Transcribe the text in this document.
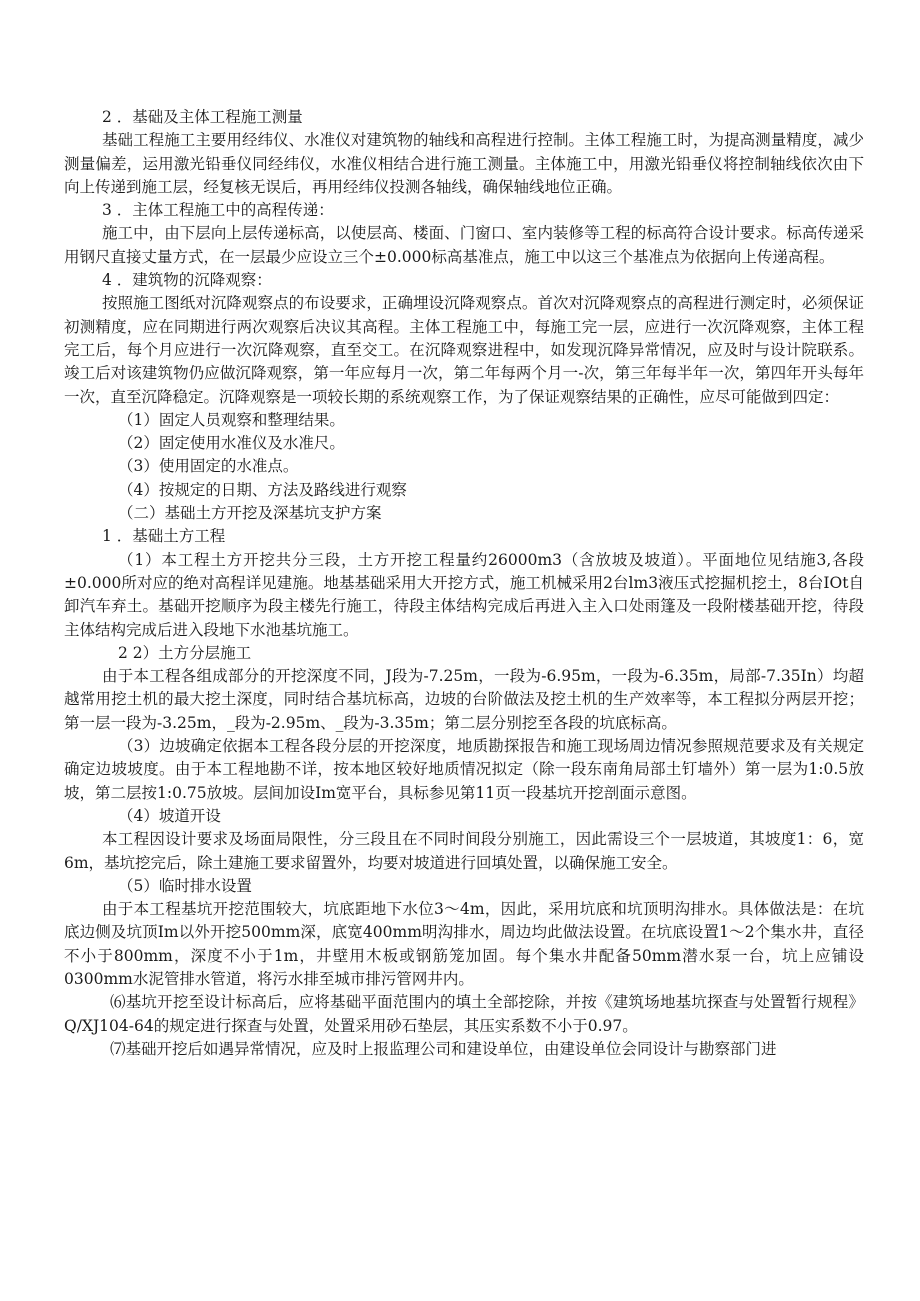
2 ．基础及主体工程施工测量

基础工程施工主要用经纬仪、水准仪对建筑物的轴线和高程进行控制。主体工程施工时，为提高测量精度，减少测量偏差，运用激光铅垂仪同经纬仪，水准仪相结合进行施工测量。主体施工中，用激光铅垂仪将控制轴线依次由下向上传递到施工层，经复核无误后，再用经纬仪投测各轴线，确保轴线地位正确。

3 ．主体工程施工中的高程传递：

施工中，由下层向上层传递标高，以使层高、楼面、门窗口、室内装修等工程的标高符合设计要求。标高传递采用钢尺直接丈量方式，在一层最少应设立三个±0.000标高基准点，施工中以这三个基准点为依据向上传递高程。

4 ．建筑物的沉降观察：

按照施工图纸对沉降观察点的布设要求，正确埋设沉降观察点。首次对沉降观察点的高程进行测定时，必须保证初测精度，应在同期进行两次观察后决议其高程。主体工程施工中，每施工完一层，应进行一次沉降观察，主体工程完工后，每个月应进行一次沉降观察，直至交工。在沉降观察进程中，如发现沉降异常情况，应及时与设计院联系。竣工后对该建筑物仍应做沉降观察，第一年应每月一次，第二年每两个月一-次，第三年每半年一次，第四年开头每年一次，直至沉降稳定。沉降观察是一项较长期的系统观察工作，为了保证观察结果的正确性，应尽可能做到四定：

（1）固定人员观察和整理结果。

（2）固定使用水准仪及水准尺。

（3）使用固定的水准点。

（4）按规定的日期、方法及路线进行观察

（二）基础土方开挖及深基坑支护方案

1 ．基础土方工程

（1）本工程土方开挖共分三段，土方开挖工程量约26000m3（含放坡及坡道）。平面地位见结施3,各段±0.000所对应的绝对高程详见建施。地基基础采用大开挖方式，施工机械采用2台lm3液压式挖掘机挖土，8台IOt自卸汽车弃土。基础开挖顺序为段主楼先行施工，待段主体结构完成后再进入主入口处雨篷及一段附楼基础开挖，待段主体结构完成后进入段地下水池基坑施工。

2 2）土方分层施工

由于本工程各组成部分的开挖深度不同，J段为-7.25m，一段为-6.95m，一段为-6.35m，局部-7.35In）均超越常用挖土机的最大挖土深度，同时结合基坑标高，边坡的台阶做法及挖土机的生产效率等，本工程拟分两层开挖；第一层一段为-3.25m，_段为-2.95m、_段为-3.35m；第二层分别挖至各段的坑底标高。

（3）边坡确定依据本工程各段分层的开挖深度，地质勘探报告和施工现场周边情况参照规范要求及有关规定确定边坡坡度。由于本工程地勘不详，按本地区较好地质情况拟定（除一段东南角局部土钉墙外）第一层为1:0.5放坡，第二层按1:0.75放坡。层间加设Im宽平台，具标参见第11页一段基坑开挖剖面示意图。

（4）坡道开设

本工程因设计要求及场面局限性，分三段且在不同时间段分别施工，因此需设三个一层坡道，其坡度1：6，宽6m，基坑挖完后，除土建施工要求留置外，均要对坡道进行回填处置，以确保施工安全。

（5）临时排水设置

由于本工程基坑开挖范围较大，坑底距地下水位3～4m，因此，采用坑底和坑顶明沟排水。具体做法是：在坑底边侧及坑顶Im以外开挖500mm深，底宽400mm明沟排水，周边均此做法设置。在坑底设置1～2个集水井，直径不小于800mm，深度不小于1m，井壁用木板或钢筋笼加固。每个集水井配备50mm潜水泵一台，坑上应铺设0300mm水泥管排水管道，将污水排至城市排污管网井内。

⑹基坑开挖至设计标高后，应将基础平面范围内的填土全部挖除，并按《建筑场地基坑探查与处置暂行规程》Q/XJ104-64的规定进行探查与处置，处置采用砂石垫层，其压实系数不小于0.97。

⑺基础开挖后如遇异常情况，应及时上报监理公司和建设单位，由建设单位会同设计与勘察部门进
